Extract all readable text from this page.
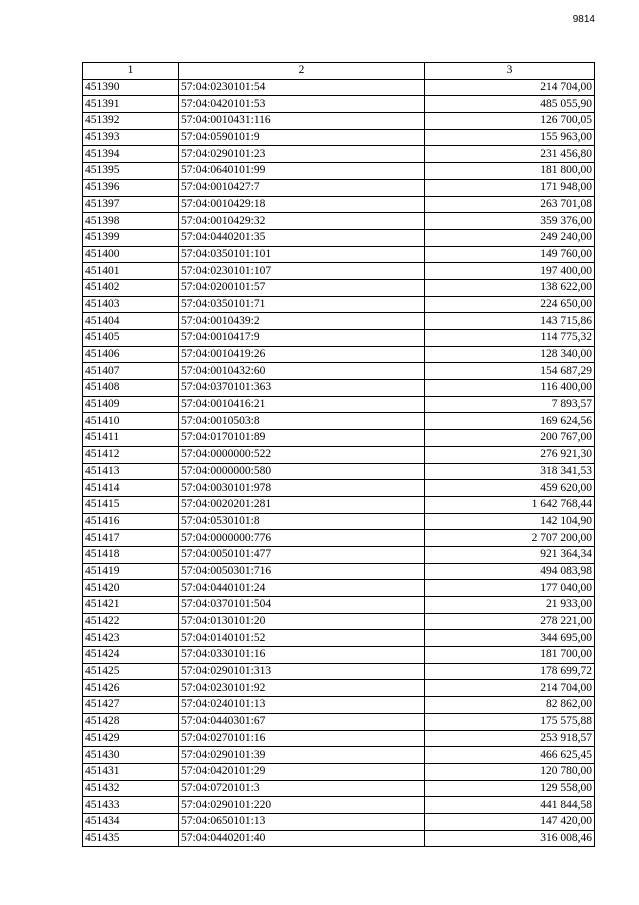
9814
1	2	3
451390	57:04:0230101:54	214 704,00
451391	57:04:0420101:53	485 055,90
451392	57:04:0010431:116	126 700,05
451393	57:04:0590101:9	155 963,00
451394	57:04:0290101:23	231 456,80
451395	57:04:0640101:99	181 800,00
451396	57:04:0010427:7	171 948,00
451397	57:04:0010429:18	263 701,08
451398	57:04:0010429:32	359 376,00
451399	57:04:0440201:35	249 240,00
451400	57:04:0350101:101	149 760,00
451401	57:04:0230101:107	197 400,00
451402	57:04:0200101:57	138 622,00
451403	57:04:0350101:71	224 650,00
451404	57:04:0010439:2	143 715,86
451405	57:04:0010417:9	114 775,32
451406	57:04:0010419:26	128 340,00
451407	57:04:0010432:60	154 687,29
451408	57:04:0370101:363	116 400,00
451409	57:04:0010416:21	7 893,57
451410	57:04:0010503:8	169 624,56
451411	57:04:0170101:89	200 767,00
451412	57:04:0000000:522	276 921,30
451413	57:04:0000000:580	318 341,53
451414	57:04:0030101:978	459 620,00
451415	57:04:0020201:281	1 642 768,44
451416	57:04:0530101:8	142 104,90
451417	57:04:0000000:776	2 707 200,00
451418	57:04:0050101:477	921 364,34
451419	57:04:0050301:716	494 083,98
451420	57:04:0440101:24	177 040,00
451421	57:04:0370101:504	21 933,00
451422	57:04:0130101:20	278 221,00
451423	57:04:0140101:52	344 695,00
451424	57:04:0330101:16	181 700,00
451425	57:04:0290101:313	178 699,72
451426	57:04:0230101:92	214 704,00
451427	57:04:0240101:13	82 862,00
451428	57:04:0440301:67	175 575,88
451429	57:04:0270101:16	253 918,57
451430	57:04:0290101:39	466 625,45
451431	57:04:0420101:29	120 780,00
451432	57:04:0720101:3	129 558,00
451433	57:04:0290101:220	441 844,58
451434	57:04:0650101:13	147 420,00
451435	57:04:0440201:40	316 008,46
